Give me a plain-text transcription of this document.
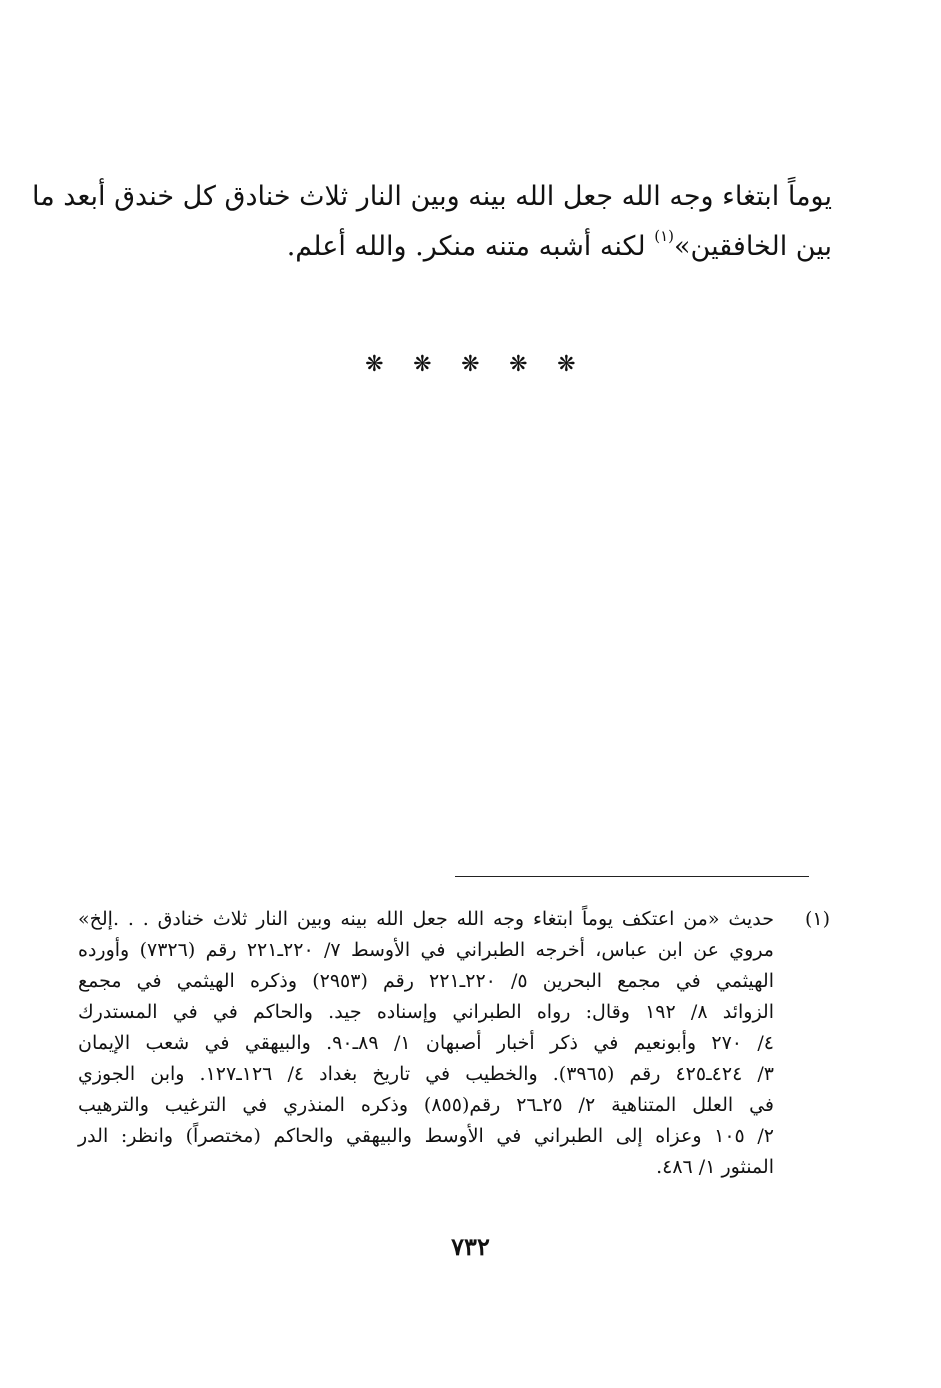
يوماً ابتغاء وجه الله جعل الله بينه وبين النار ثلاث خنادق كل خندق أبعد ما
بين الخافقين»$^{(١)}$ لكنه أشبه متنه منكر. والله أعلم.
❋❋❋❋❋
(١)
حديث «من اعتكف يوماً ابتغاء وجه الله جعل الله بينه وبين النار ثلاث خنادق . . .إلخ»
مروي عن ابن عباس، أخرجه الطبراني في الأوسط ٧/ ٢٢٠ـ٢٢١ رقم (٧٣٢٦) وأورده
الهيثمي في مجمع البحرين ٥/ ٢٢٠ـ٢٢١ رقم (٢٩٥٣) وذكره الهيثمي في مجمع
الزوائد ٨/ ١٩٢ وقال: رواه الطبراني وإسناده جيد. والحاكم في في المستدرك
٤/ ٢٧٠ وأبونعيم في ذكر أخبار أصبهان ١/ ٨٩ـ٩٠. والبيهقي في شعب الإيمان
٣/ ٤٢٤ـ٤٢٥ رقم (٣٩٦٥). والخطيب في تاريخ بغداد ٤/ ١٢٦ـ١٢٧. وابن الجوزي
في العلل المتناهية ٢/ ٢٥ـ٢٦ رقم(٨٥٥) وذكره المنذري في الترغيب والترهيب
٢/ ١٠٥ وعزاه إلى الطبراني في الأوسط والبيهقي والحاكم (مختصراً) وانظر: الدر
المنثور ١/ ٤٨٦.
٧٣٢
